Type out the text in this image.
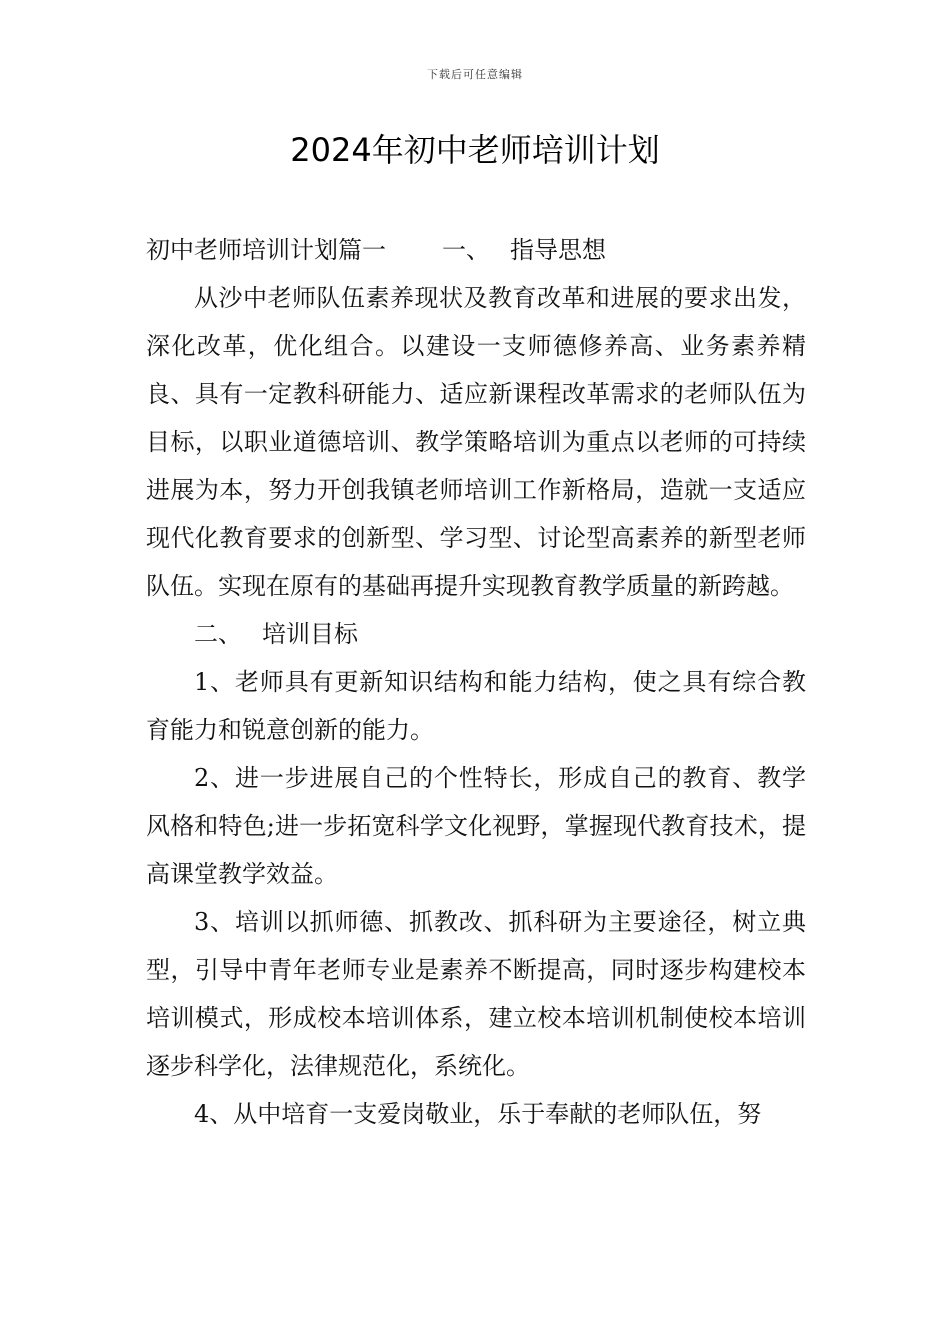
下载后可任意编辑
2024年初中老师培训计划

初中老师培训计划篇一 一、 指导思想

从沙中老师队伍素养现状及教育改革和进展的要求出发，深化改革，优化组合。以建设一支师德修养高、业务素养精良、具有一定教科研能力、适应新课程改革需求的老师队伍为目标，以职业道德培训、教学策略培训为重点以老师的可持续进展为本，努力开创我镇老师培训工作新格局，造就一支适应现代化教育要求的创新型、学习型、讨论型高素养的新型老师队伍。实现在原有的基础再提升实现教育教学质量的新跨越。

二、 培训目标

1、老师具有更新知识结构和能力结构，使之具有综合教育能力和锐意创新的能力。

2、进一步进展自己的个性特长，形成自己的教育、教学风格和特色;进一步拓宽科学文化视野，掌握现代教育技术，提高课堂教学效益。

3、培训以抓师德、抓教改、抓科研为主要途径，树立典型，引导中青年老师专业是素养不断提高，同时逐步构建校本培训模式，形成校本培训体系，建立校本培训机制使校本培训逐步科学化，法律规范化，系统化。

4、从中培育一支爱岗敬业，乐于奉献的老师队伍，努
